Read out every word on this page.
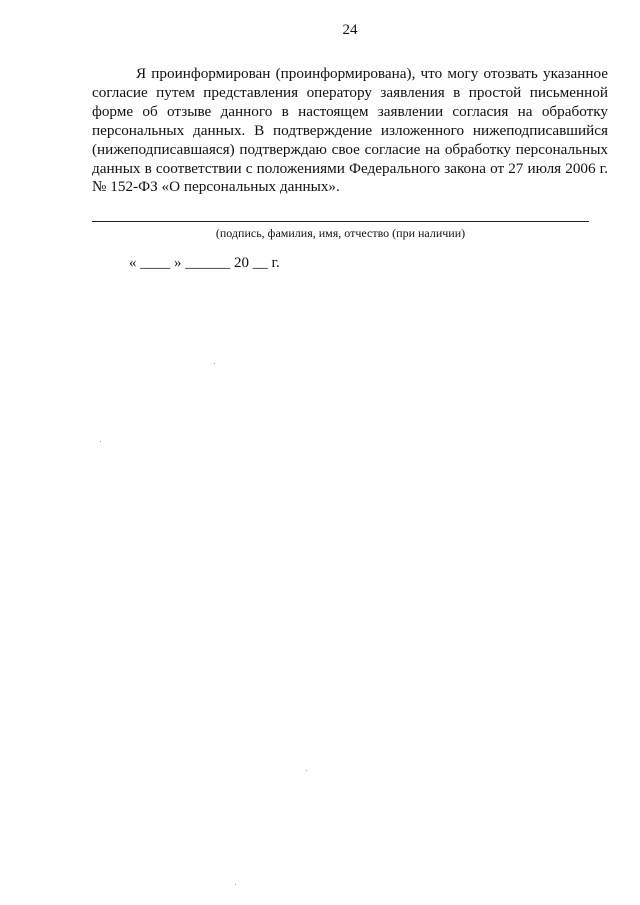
24
Я проинформирован (проинформирована), что могу отозвать указанное
согласие путем представления оператору заявления в простой письменной
форме об отзыве данного в настоящем заявлении согласия на обработку
персональных данных. В подтверждение изложенного нижеподписавшийся
(нижеподписавшаяся) подтверждаю свое согласие на обработку персональных
данных в соответствии с положениями Федерального закона от 27 июля 2006 г.
№ 152-ФЗ «О персональных данных».
(подпись, фамилия, имя, отчество (при наличии)
« ____ » ______ 20 __ г.
